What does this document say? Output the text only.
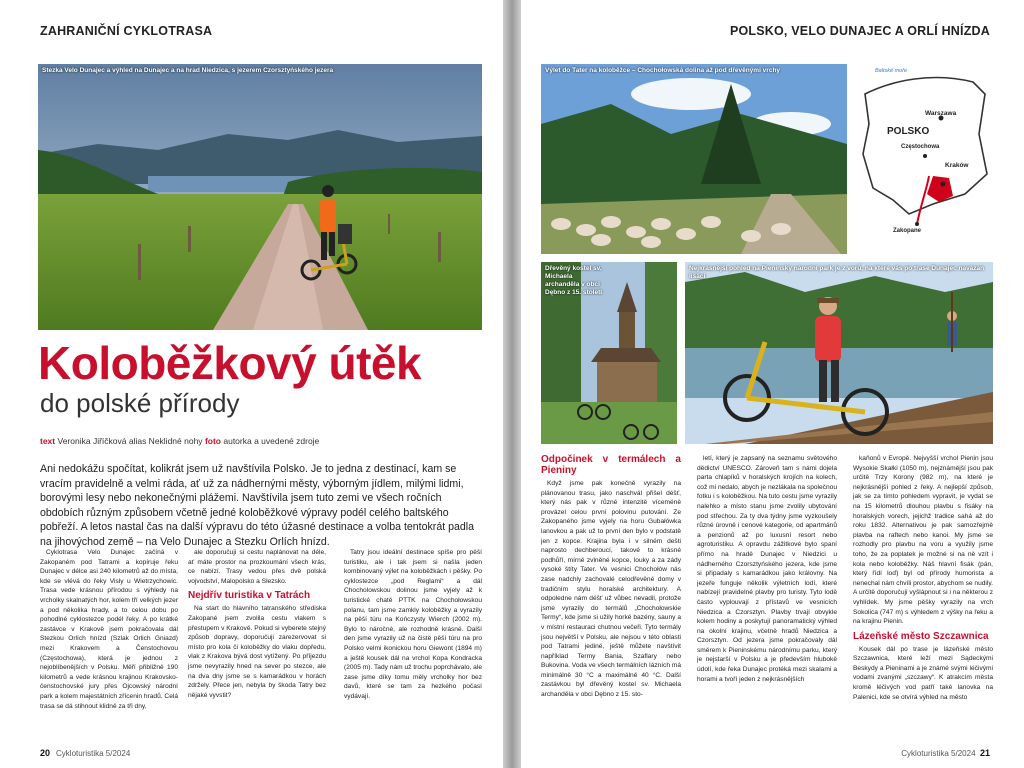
ZAHRANIČNÍ CYKLOTRASA
Stezka Velo Dunajec a výhled na Dunajec a na hrad Niedzica, s jezerem Czorsztyńského jezera
Koloběžkový útěk
do polské přírody
text Veronika Jiříčková alias Neklidné nohy foto autorka a uvedené zdroje
Ani nedokážu spočítat, kolikrát jsem už navštívila Polsko. Je to jedna z destinací, kam se vracím pravidelně a velmi ráda, ať už za nádhernými městy, výborným jídlem, milými lidmi, borovými lesy nebo nekonečnými plážemi. Navštívila jsem tuto zemi ve všech ročních obdobích různým způsobem včetně jedné koloběžkové výpravy podél celého baltského pobřeží. A letos nastal čas na další výpravu do této úžasné destinace a volba tentokrát padla na jihovýchod země – na Velo Dunajec a Stezku Orlích hnízd.

Cyklotrasa Velo Dunajec začíná v Zakopaném pod Tatrami a kopíruje řeku Dunajec v délce asi 240 kilometrů až do místa, kde se vlévá do řeky Visly u Wietrzychowic. Trasa vede krásnou přírodou s výhledy na vrcholky skalnatých hor, kolem tří velkých jezer a pod několika hrady, a to celou dobu po pohodlné cyklostezce podél řeky. A po krátké zastávce v Krakově jsem pokračovala dál Stezkou Orlích hnízd (Szlak Orlich Gniazd) mezi Krakovem a Čenstochovou (Częstochowa), která je jednou z nejoblíbenějších v Polsku. Měří přibližně 190 kilometrů a vede krásnou krajinou Krakovsko-čenstochovské jury přes Ojcowský národní park a kolem majestátních zřícenin hradů. Celá trasa se dá stihnout klidně za tři dny,

ale doporučuji si cestu naplánovat na déle, ať máte prostor na prozkoumání všech krás, ce nabízí. Trasy vedou přes dvě polská vojvodství, Malopolsko a Slezsko.

Nejdřív turistika v Tatrách

Na start do hlavního tatranského střediska Zakopané jsem zvolila cestu vlakem s přestupem v Krakově. Pokud si vyberete stejný způsob dopravy, doporučuji zarezervovat si místo pro kola či koloběžky do vlaku dopředu, vlak z Krakova bývá dost vytížený. Po příjezdu jsme nevyrazily hned na sever po stezce, ale na dva dny jsme se s kamarádkou v horách zdržely. Přece jen, nebyla by škoda Tatry bez nějaké vyvstit?

Tatry jsou ideální destinace spíše pro pěší turistiku, ale i tak jsem si našla jeden kombinovaný výlet na koloběžkách i pěšky. Po cyklostezce „pod Reglami“ a dál Chocholowskou dolinou jsme vyjely až k turistické chatě PTTK na Chochołowskou polanu, tam jsme zamkly koloběžky a vyrazily na pěší túru na Kończysty Wierch (2002 m). Bylo to náročné, ale rozhodně krásné. Další den jsme vyrazily už na čistě pěší túru na pro Polsko velmi ikonickou horu Giewont (1894 m) a ještě kousek dál na vrchol Kopa Kondracka (2005 m). Tady nám už trochu poprchávalo, ale zase jsme díky tomu měly vrcholky hor bez davů, které se tam za hezkého počasí vydávají.

20 Cykloturistika 5/2024
POLSKO, VELO DUNAJEC A ORLÍ HNÍZDA
Výlet do Tater na koloběžce – Chochołowská dolina až pod dřevěnými vrchy	Baltské moře
POLSKO
Warszawa
Częstochowa
Kraków
Zakopane
Dřevěný kostel sv. Michaela archanděla v obci Dębno z 15. století
Nejkrásnější pohled na Pieninský národní park je z vorů, na které vás po trase Dunajec navázan lišácí
Odpočinek v termálech a Pieniny

Když jsme pak konečně vyrazily na plánovanou trasu, jako naschvál přišel déšť, který nás pak v různé intenzitě víceméně provázel celou první polovinu putování. Ze Zakopaného jsme vyjely na horu Gubałówka lanovkou a pak už to první den bylo v podstatě jen z kopce. Krajina byla i v silném dešti naprosto dechberoucí, takové to krásné podhůří, mírně zvlněné kopce, louky a za zády vysoké štíty Tater. Ve vesnici Chochołów nás zase nadchly zachovalé celodřevěné domy v tradičním stylu horalské architektury. A odpoledne nám déšť už vůbec nevadil, protože jsme vyrazily do termálů „Chochołowskie Termy“, kde jsme si užily horké bazény, sauny a v místní restauraci chutnou večeři. Tyto termály jsou největší v Polsku, ale nejsou v této oblasti pod Tatrami jediné, ještě můžete navštívit například Termy Bania, Szaflary nebo Bukovina. Voda ve všech termálních lázních má minimálně 30 °C a maximálně 40 °C. Další zastávkou byl dřevěný kostel sv. Michaela archanděla v obci Dębno z 15. sto-

letí, který je zapsaný na seznamu světového dědictví UNESCO. Zároveň tam s námi dojela parta chlapíků v horalských krojích na kolech, což mi nedalo, abych je nezlákala na společnou fotku i s koloběžkou. Na tuto cestu jsme vyrazily nalehko a místo stanu jsme zvolily ubytování pod střechou. Za ty dva týdny jsme vyzkoušely různé úrovně i cenové kategorie, od apartmánů a penzionů až po luxusní resort nebo agroturistiku. A opravdu zážitkové bylo spaní přímo na hradě Dunajec v Niedzici u nádherného Czorsztyńského jezera, kde jsme si připadaly s kamarádkou jako královny. Na jezeře funguje několik výletních lodí, které nabízejí pravidelné plavby pro turisty. Tyto lodě často vyplouvají z přístavů ve vesnicích Niedzica a Czorsztyn. Plavby trvají obvykle kolem hodiny a poskytují panoramatický výhled na okolní krajinu, včetně hradů Niedzica a Czorsztyn. Od jezera jsme pokračovaly dál směrem k Pieninskému národnímu parku, který je nejstarší v Polsku a je především hlubokě údolí, kde řeka Dunajec protéká mezi skalami a horami a tvoří jeden z nejkrásnějších

kaňonů v Evropě. Nejvyšší vrchol Pienin jsou Wysokie Skałki (1050 m), nejznámější jsou pak určitě Trzy Korony (982 m), na které je nejkrásnější pohled z řeky. A nejlepší způsob, jak se za tímto pohledem vypravit, je vydat se na 15 kilometrů dlouhou plavbu s fisáky na horalských vorech, jejichž tradice sahá až do roku 1832. Alternativou je pak samozřejmě plavba na raftech nebo kanoi. My jsme se rozhodly pro plavbu na voru a využily jsme toho, že za poplatek je možné si na ně vzít i kola nebo koloběžky. Náš hlavní fisák (pán, který řídí loď) byl od přírody humorista a nenechal nám chvíli prostor, abychom se nudily. A určitě doporučuji vyšlápnout si i na některou z vyhlídek. My jsme pěšky vyrazily na vrch Sokolica (747 m) s výhledem z výšky na řeku a na krajinu Pienin.

Lázeňské město Szczawnica

Kousek dál po trase je lázeňské město Szczawnica, které leží mezi Sądeckými Beskydy a Pieninami a je známé svými léčivými vodami zvanými „szczawy“. K atrakcím města kromě léčivých vod patří také lanovka na Palenici, kde se otvírá výhled na město

Cykloturistika 5/2024 21
